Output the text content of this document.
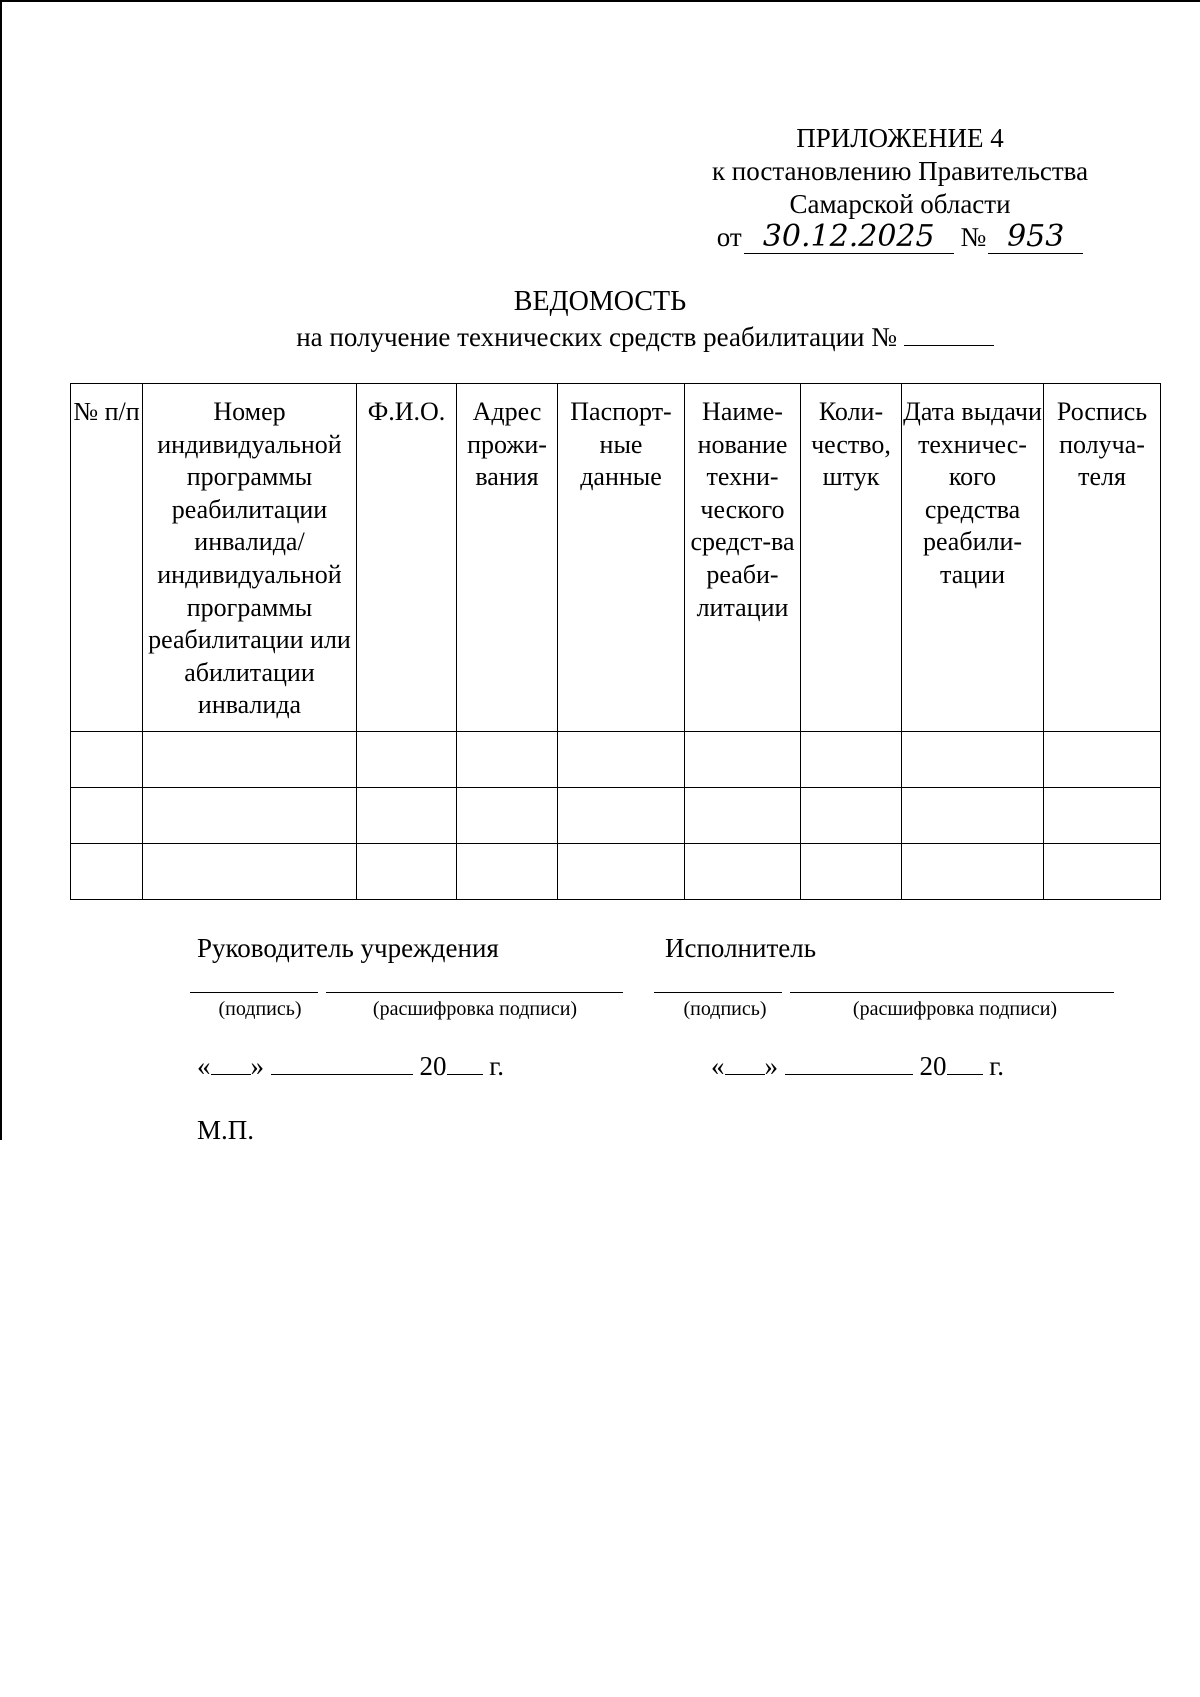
ПРИЛОЖЕНИЕ 4
к постановлению Правительства
Самарской области
от 30.12.2025 № 953
ВЕДОМОСТЬ
на получение технических средств реабилитации №
№ п/п	Номер индивидуальной программы реабилитации инвалида/ индивидуальной программы реабилитации или абилитации инвалида	Ф.И.О.	Адрес прожи-вания	Паспорт-ные данные	Наиме-нование техни-ческого средст-ва реаби-литации	Коли-чество, штук	Дата выдачи техничес-кого средства реабили-тации	Роспись получа-теля

Руководитель учреждения	Исполнитель
(подпись)	(расшифровка подписи)	(подпись)	(расшифровка подписи)
« »	20 г.	« »	20 г.
М.П.
